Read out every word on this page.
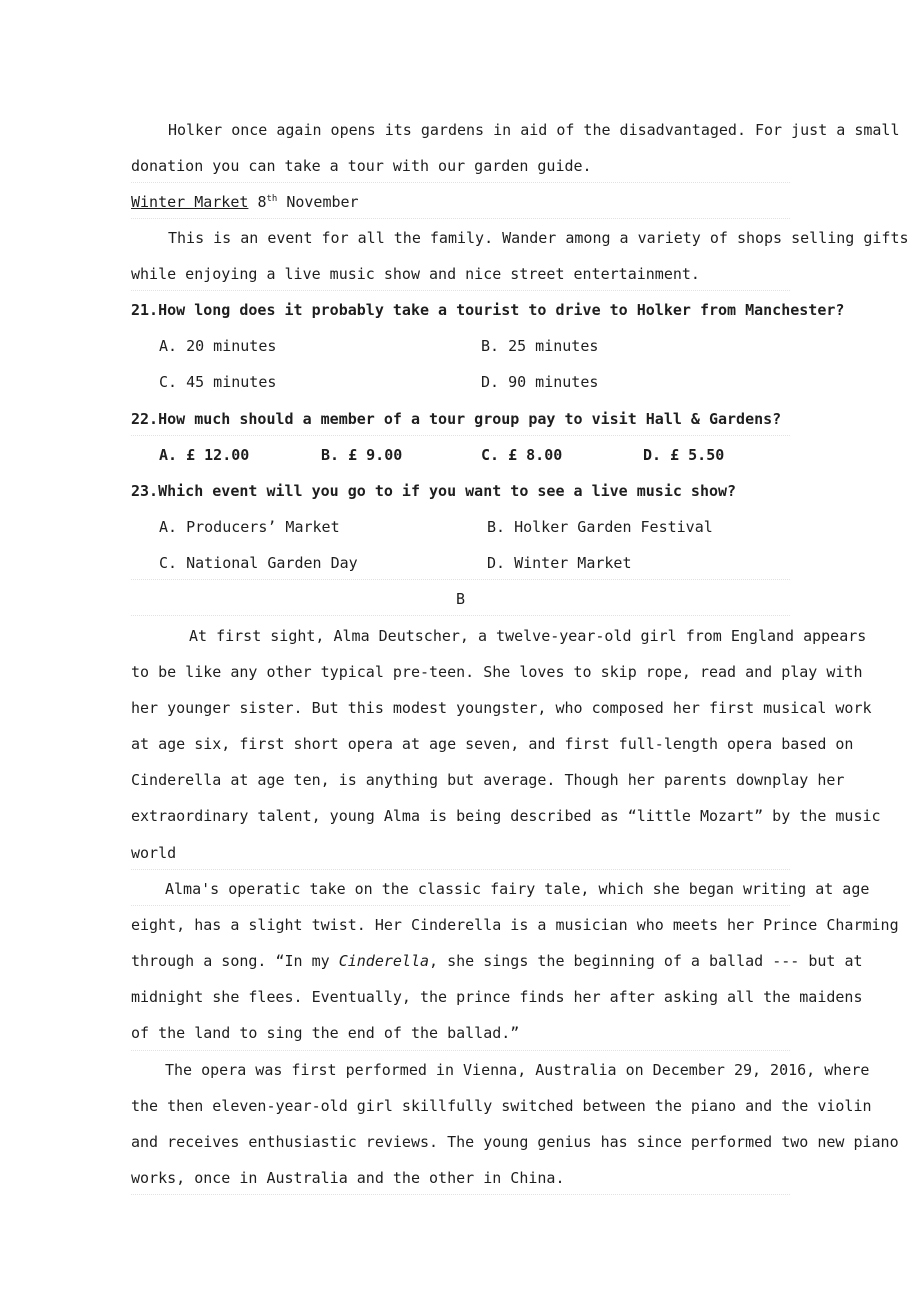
Holker once again opens its gardens in aid of the disadvantaged. For just a small
donation you can take a tour with our garden guide.
Winter Market 8th November
This is an event for all the family. Wander among a variety of shops selling gifts
while enjoying a live music show and nice street entertainment.
21.How long does it probably take a tourist to drive to Holker from Manchester?
A. 20 minutes	B. 25 minutes
C. 45 minutes	D. 90 minutes
22.How much should a member of a tour group pay to visit Hall & Gardens?
A. £ 12.00	B. £ 9.00	C. £ 8.00	D. £ 5.50
23.Which event will you go to if you want to see a live music show?
A. Producers’ Market	B. Holker Garden Festival
C. National Garden Day	D. Winter Market
B
At first sight, Alma Deutscher, a twelve-year-old girl from England appears
to be like any other typical pre-teen. She loves to skip rope, read and play with
her younger sister. But this modest youngster, who composed her first musical work
at age six, first short opera at age seven, and first full-length opera based on
Cinderella at age ten, is anything but average. Though her parents downplay her
extraordinary talent, young Alma is being described as “little Mozart” by the music
world
Alma's operatic take on the classic fairy tale, which she began writing at age
eight, has a slight twist. Her Cinderella is a musician who meets her Prince Charming
through a song. “In my Cinderella, she sings the beginning of a ballad --- but at
midnight she flees. Eventually, the prince finds her after asking all the maidens
of the land to sing the end of the ballad.”
The opera was first performed in Vienna, Australia on December 29, 2016, where
the then eleven-year-old girl skillfully switched between the piano and the violin
and receives enthusiastic reviews. The young genius has since performed two new piano
works, once in Australia and the other in China.
